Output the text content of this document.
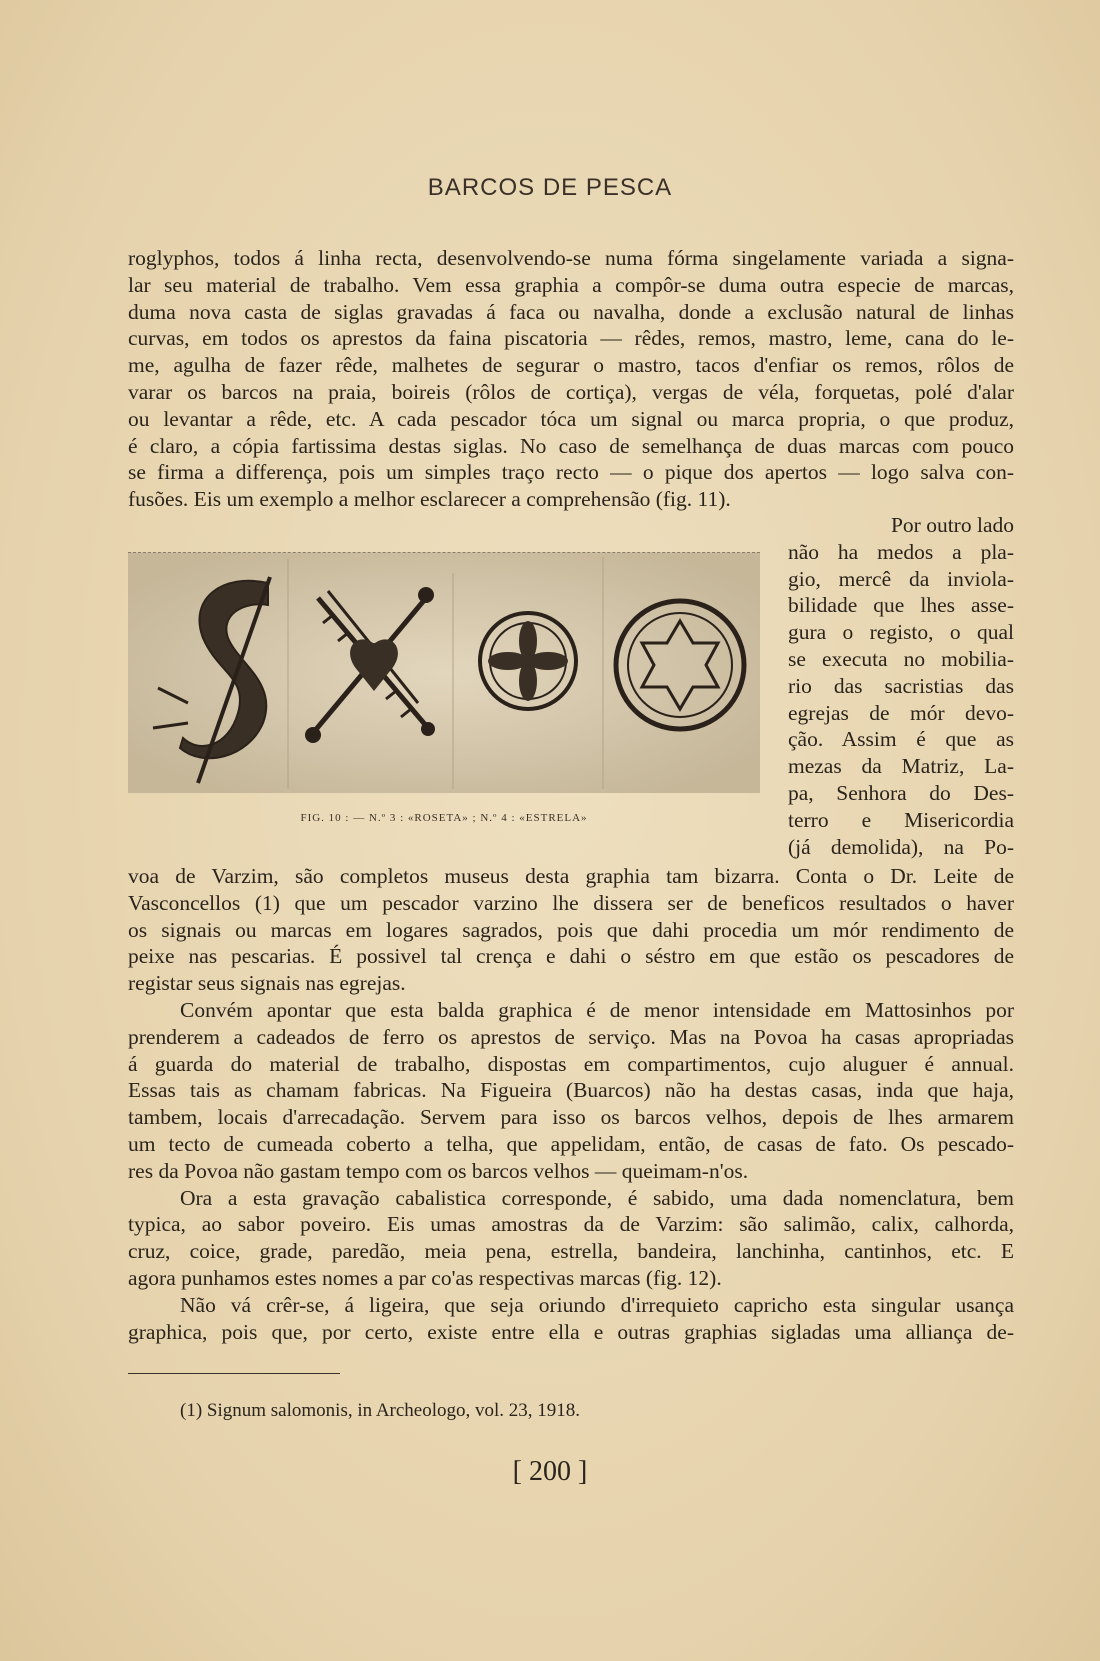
BARCOS DE PESCA
roglyphos, todos á linha recta, desenvolvendo-se numa fórma singelamente variada a signa-
lar seu material de trabalho. Vem essa graphia a compôr-se duma outra especie de marcas,
duma nova casta de siglas gravadas á faca ou navalha, donde a exclusão natural de linhas
curvas, em todos os aprestos da faina piscatoria — rêdes, remos, mastro, leme, cana do le-
me, agulha de fazer rêde, malhetes de segurar o mastro, tacos d'enfiar os remos, rôlos de
varar os barcos na praia, boireis (rôlos de cortiça), vergas de véla, forquetas, polé d'alar
ou levantar a rêde, etc. A cada pescador tóca um signal ou marca propria, o que produz,
é claro, a cópia fartissima destas siglas. No caso de semelhança de duas marcas com pouco
se firma a differença, pois um simples traço recto — o pique dos apertos — logo salva con-
fusões. Eis um exemplo a melhor esclarecer a comprehensão (fig. 11).
Por outro lado
não ha medos a pla-
gio, mercê da inviola-
bilidade que lhes asse-
gura o registo, o qual
se executa no mobilia-
rio das sacristias das
egrejas de mór devo-
ção. Assim é que as
mezas da Matriz, La-
pa, Senhora do Des-
terro e Misericordia
(já demolida), na Po-
FIG. 10 : — N.º 3 : «ROSETA» ; N.º 4 : «ESTRELA»
voa de Varzim, são completos museus desta graphia tam bizarra. Conta o Dr. Leite de
Vasconcellos (1) que um pescador varzino lhe dissera ser de beneficos resultados o haver
os signais ou marcas em logares sagrados, pois que dahi procedia um mór rendimento de
peixe nas pescarias. É possivel tal crença e dahi o séstro em que estão os pescadores de
registar seus signais nas egrejas.
Convém apontar que esta balda graphica é de menor intensidade em Mattosinhos por
prenderem a cadeados de ferro os aprestos de serviço. Mas na Povoa ha casas apropriadas
á guarda do material de trabalho, dispostas em compartimentos, cujo aluguer é annual.
Essas tais as chamam fabricas. Na Figueira (Buarcos) não ha destas casas, inda que haja,
tambem, locais d'arrecadação. Servem para isso os barcos velhos, depois de lhes armarem
um tecto de cumeada coberto a telha, que appelidam, então, de casas de fato. Os pescado-
res da Povoa não gastam tempo com os barcos velhos — queimam-n'os.
Ora a esta gravação cabalistica corresponde, é sabido, uma dada nomenclatura, bem
typica, ao sabor poveiro. Eis umas amostras da de Varzim: são salimão, calix, calhorda,
cruz, coice, grade, paredão, meia pena, estrella, bandeira, lanchinha, cantinhos, etc. E
agora punhamos estes nomes a par co'as respectivas marcas (fig. 12).
Não vá crêr-se, á ligeira, que seja oriundo d'irrequieto capricho esta singular usança
graphica, pois que, por certo, existe entre ella e outras graphias sigladas uma alliança de-
(1) Signum salomonis, in Archeologo, vol. 23, 1918.
[ 200 ]
